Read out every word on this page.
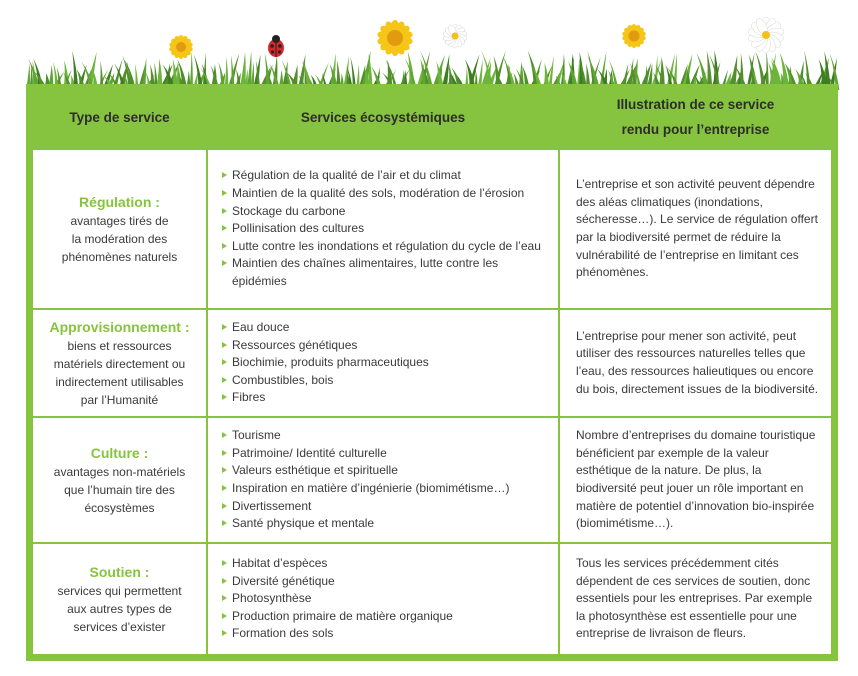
Type de service	Services écosystémiques
Illustration de ce service
rendu pour l’entreprise
Régulation :
avantages tirés de
la modération des
phénomènes naturels
Régulation de la qualité de l’air et du climat
Maintien de la qualité des sols, modération de l’érosion
Stockage du carbone
Pollinisation des cultures
Lutte contre les inondations et régulation du cycle de l’eau
Maintien des chaînes alimentaires, lutte contre les épidémies
L’entreprise et son activité peuvent dépendre des aléas climatiques (inondations, sécheresse…). Le service de régulation offert par la biodiversité permet de réduire la vulnérabilité de l’entreprise en limitant ces phénomènes.
Approvisionnement :
biens et ressources
matériels directement ou
indirectement utilisables
par l’Humanité
Eau douce
Ressources génétiques
Biochimie, produits pharmaceutiques
Combustibles, bois
Fibres
L’entreprise pour mener son activité, peut utiliser des ressources naturelles telles que l’eau, des ressources halieutiques ou encore du bois, directement issues de la biodiversité.
Culture :
avantages non-matériels
que l’humain tire des
écosystèmes
Tourisme
Patrimoine/ Identité culturelle
Valeurs esthétique et spirituelle
Inspiration en matière d’ingénierie (biomimétisme…)
Divertissement
Santé physique et mentale
Nombre d’entreprises du domaine touristique bénéficient par exemple de la valeur esthétique de la nature. De plus, la biodiversité peut jouer un rôle important en matière de potentiel d’innovation bio-inspirée (biomimétisme…).
Soutien :
services qui permettent
aux autres types de
services d’exister
Habitat d’espèces
Diversité génétique
Photosynthèse
Production primaire de matière organique
Formation des sols
Tous les services précédemment cités dépendent de ces services de soutien, donc essentiels pour les entreprises. Par exemple la photosynthèse est essentielle pour une entreprise de livraison de fleurs.
